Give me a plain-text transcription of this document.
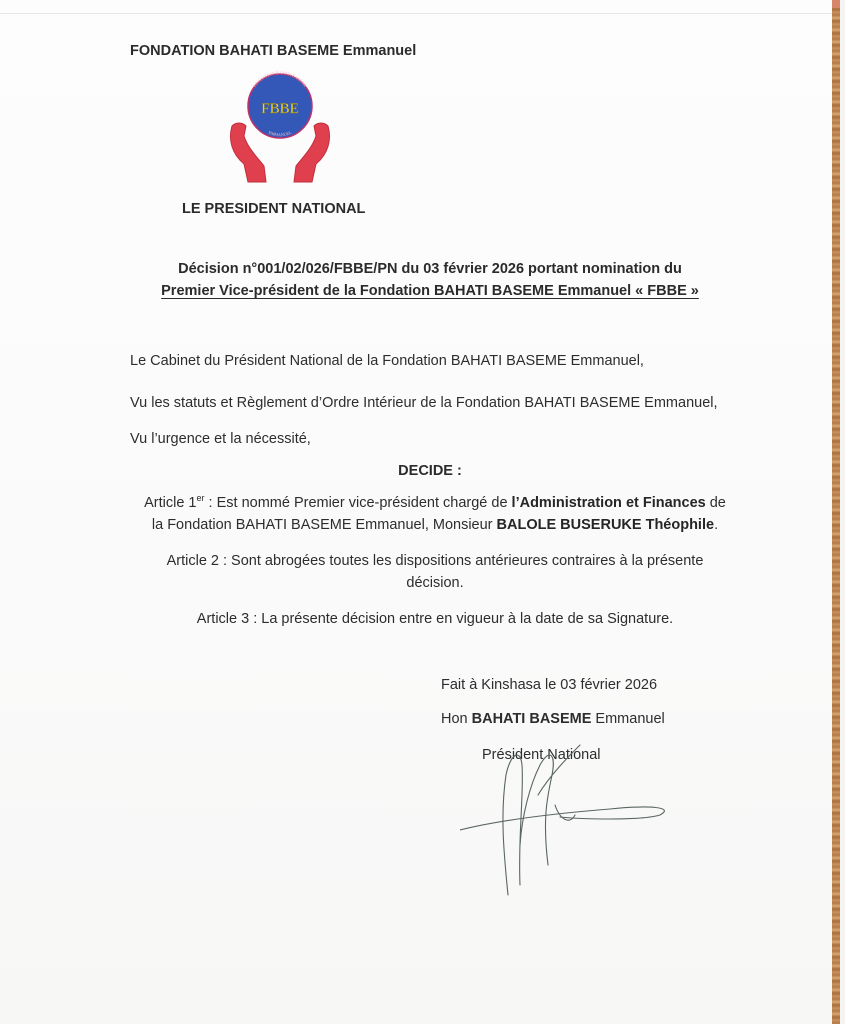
FONDATION BAHATI BASEME Emmanuel
FONDATION BAHATI BASEME
EMMANUEL
FBBE
LE PRESIDENT NATIONAL
Décision n°001/02/026/FBBE/PN du 03 février 2026 portant nomination du
Premier Vice-président de la Fondation BAHATI BASEME Emmanuel « FBBE »
Le Cabinet du Président National de la Fondation BAHATI BASEME Emmanuel,
Vu les statuts et Règlement d’Ordre Intérieur de la Fondation BAHATI BASEME Emmanuel,
Vu l’urgence et la nécessité,
DECIDE :
Article 1er : Est nommé Premier vice-président chargé de l’Administration et Finances de la Fondation BAHATI BASEME Emmanuel, Monsieur BALOLE BUSERUKE Théophile.
Article 2 : Sont abrogées toutes les dispositions antérieures contraires à la présente décision.
Article 3 : La présente décision entre en vigueur à la date de sa Signature.
Fait à Kinshasa le 03 février 2026
Hon BAHATI BASEME Emmanuel
Président National
